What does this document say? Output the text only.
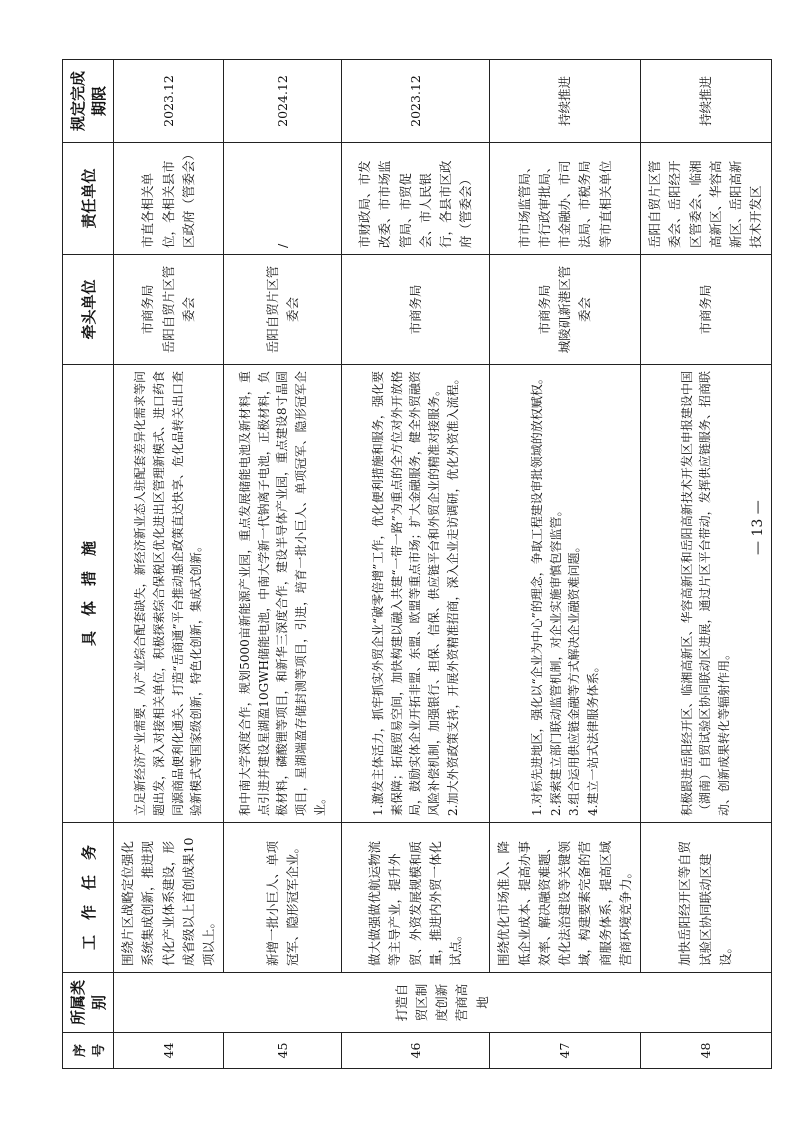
序号	所属类别	工　作　任　务	具　体　措　施	牵头单位	责任单位	规定完成期限
44	打造自贸区制度创新营商高地	围绕片区战略定位强化系统集成创新，推进现代化产业体系建设，形成省级以上首创成果10项以上。	立足新经济产业需要，从产业综合配套缺失，新经济新业态人驻配套差异化需求等问题出发，深入对接相关单位，积极探索综合保税区优化进出区管理新模式、进口药食同源商品便利化通关、打造“岳商通”平台推动惠企政策直达快享、危化品转关出口查验新模式等国家级创新，特色化创新，集成式创新。	市商务局 岳阳自贸片区管委会	市直各相关单位，各相关县市区政府（管委会）	2023.12
45		新增一批小巨人、单项冠军、隐形冠军企业。	和中南大学深度合作，规划5000亩新能源产业园，重点发展储能电池及新材料，重点引进并建设星湖盈10GWH储能电池，中南大学新一代钠离子电池，正极材料，负极材料，磷酸锂等项目，和新华三深度合作，建设半导体产业园，重点建设8寸晶圆项目，星湖端盈存储封测等项目，引进，培育一批小巨人、单项冠军、隐形冠军企业。	岳阳自贸片区管委会	/	2024.12
46		做大做强做优航运物流等主导产业，提升外贸、外资发展规模和质量，推进内外贸一体化试点。	1.激发主体活力，抓牢抓实外贸企业“破零倍增”工作，优化便利措施和服务，强化要素保障；拓展贸易空间，加快构建以融入共建“一带一路”为重点的全方位对外开放格局，鼓励实体企业开拓非盟、东盟、欧盟等重点市场；扩大金融服务，健全外贸融资风险补偿机制，加强银行、担保、信保、供应链平台和外贸企业的精准对接服务。 2.加大外资政策支持，开展外资精准招商，深入企业走访调研，优化外资准入流程。	市商务局	市财政局、市发改委、市市场监管局、市贸促会、市人民银行，各县市区政府（管委会）	2023.12
47		围绕优化市场准入、降低企业成本、提高办事效率、解决融资难题、优化法治建设等关键领域，构建要素完备的营商服务体系，提高区域营商环境竞争力。	1.对标先进地区，强化以“企业为中心”的理念，争取工程建设审批领域的放权赋权。 2.探索建立部门联动监管机制，对企业实施审慎包容监管。 3.组合运用供应链金融等方式解决企业融资难问题。 4.建立一站式法律服务体系。	市商务局 城陵矶新港区管委会	市市场监管局、市行政审批局、市金融办、市司法局、市税务局等市直相关单位	持续推进
48		加快岳阳经开区等自贸试验区协同联动区建设。	积极跟进岳阳经开区、临湘高新区、华容高新区和岳阳高新技术开发区申报建设中国（湖南）自贸试验区协同联动区进展，通过片区平台带动，发挥供应链服务、招商联动、创新成果转化等辐射作用。	市商务局	岳阳自贸片区管委会、岳阳经开区管委会、临湘高新区、华容高新区、岳阳高新技术开发区	持续推进
— 13 —
